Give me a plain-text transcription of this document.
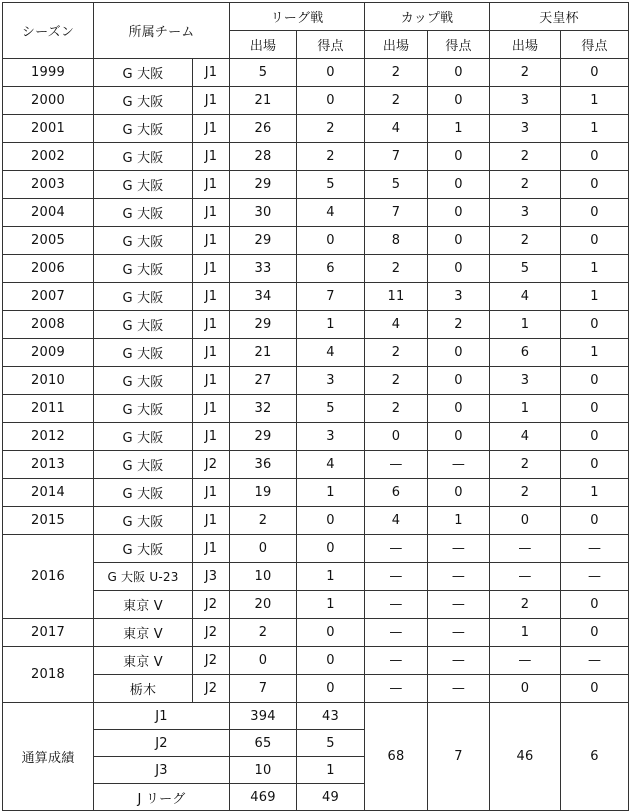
シーズン	所属チーム		リーグ戦		カップ戦		天皇杯	
			出場	得点	出場	得点	出場	得点
1999	G 大阪	J1	5	0	2	0	2	0
2000	G 大阪	J1	21	0	2	0	3	1
2001	G 大阪	J1	26	2	4	1	3	1
2002	G 大阪	J1	28	2	7	0	2	0
2003	G 大阪	J1	29	5	5	0	2	0
2004	G 大阪	J1	30	4	7	0	3	0
2005	G 大阪	J1	29	0	8	0	2	0
2006	G 大阪	J1	33	6	2	0	5	1
2007	G 大阪	J1	34	7	11	3	4	1
2008	G 大阪	J1	29	1	4	2	1	0
2009	G 大阪	J1	21	4	2	0	6	1
2010	G 大阪	J1	27	3	2	0	3	0
2011	G 大阪	J1	32	5	2	0	1	0
2012	G 大阪	J1	29	3	0	0	4	0
2013	G 大阪	J2	36	4	—	—	2	0
2014	G 大阪	J1	19	1	6	0	2	1
2015	G 大阪	J1	2	0	4	1	0	0
2016	G 大阪	J1	0	0	—	—	—	—
	G 大阪 U-23	J3	10	1	—	—	—	—
	東京 V	J2	20	1	—	—	2	0
2017	東京 V	J2	2	0	—	—	1	0
2018	東京 V	J2	0	0	—	—	—	—
	栃木	J2	7	0	—	—	0	0
通算成績	J1		394	43	68	7	46	6
	J2		65	5				
	J3		10	1				
	J リーグ		469	49				
